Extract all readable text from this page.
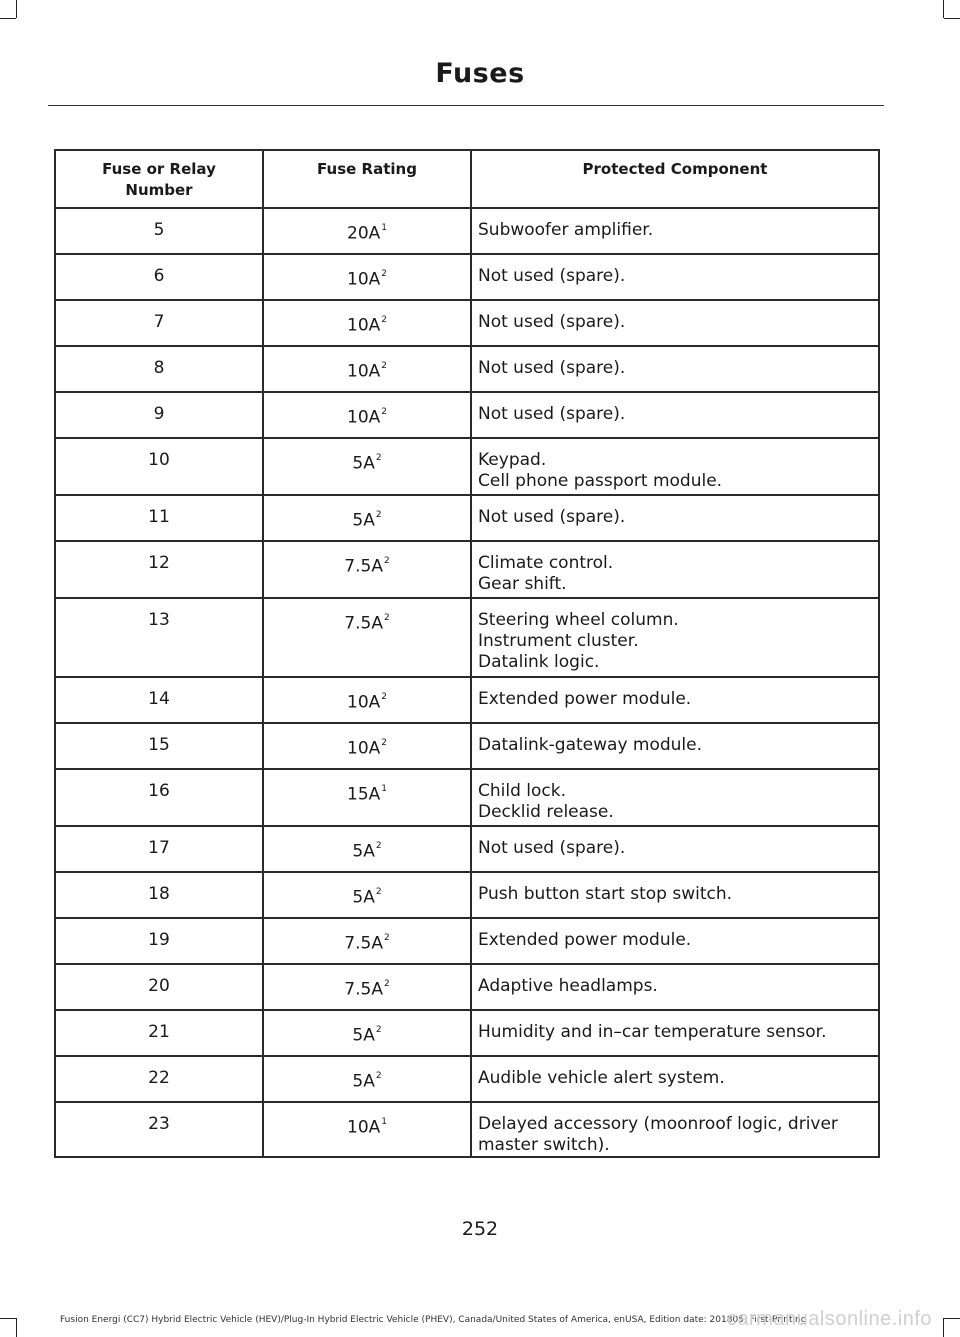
Fuses
Fuse or Relay Number	Fuse Rating	Protected Component
5	20A$^1$	Subwoofer amplifier.

6	10A$^2$	Not used (spare).

7	10A$^2$	Not used (spare).

8	10A$^2$	Not used (spare).

9	10A$^2$	Not used (spare).

10	5A$^2$	Keypad.
Cell phone passport module.

11	5A$^2$	Not used (spare).

12	7.5A$^2$	Climate control.
Gear shift.

13	7.5A$^2$	Steering wheel column.
Instrument cluster.
Datalink logic.

14	10A$^2$	Extended power module.

15	10A$^2$	Datalink-gateway module.

16	15A$^1$	Child lock.
Decklid release.

17	5A$^2$	Not used (spare).

18	5A$^2$	Push button start stop switch.

19	7.5A$^2$	Extended power module.

20	7.5A$^2$	Adaptive headlamps.

21	5A$^2$	Humidity and in–car temperature sensor.

22	5A$^2$	Audible vehicle alert system.

23	10A$^1$	Delayed accessory (moonroof logic, driver master switch).
252
Fusion Energi (CC7) Hybrid Electric Vehicle (HEV)/Plug-In Hybrid Electric Vehicle (PHEV), Canada/United States of America, enUSA, Edition date: 201805, First-Printing
carmanualsonline.info
